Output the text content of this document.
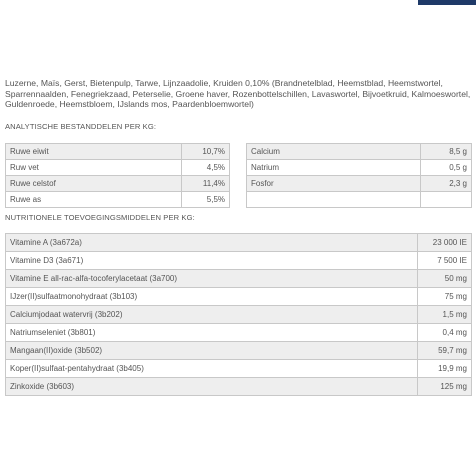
Luzerne, Maïs, Gerst, Bietenpulp, Tarwe, Lijnzaadolie, Kruiden 0,10% (Brandnetelblad, Heemstblad, Heemstwortel, Sparrennaalden, Fenegriekzaad, Peterselie, Groene haver, Rozenbottelschillen, Lavaswortel, Bijvoetkruid, Kalmoeswortel, Guldenroede, Heemstbloem, IJslands mos, Paardenbloemwortel)

ANALYTISCHE BESTANDDELEN PER KG:

Ruwe eiwit	10,7%
Ruw vet	4,5%
Ruwe celstof	11,4%
Ruwe as	5,5%
Calcium	8,5 g
Natrium	0,5 g
Fosfor	2,3 g

NUTRITIONELE TOEVOEGINGSMIDDELEN PER KG:

Vitamine A (3a672a)	23 000 IE
Vitamine D3 (3a671)	7 500 IE
Vitamine E all-rac-alfa-tocoferylacetaat (3a700)	50 mg
IJzer(II)sulfaatmonohydraat (3b103)	75 mg
Calciumjodaat watervrij (3b202)	1,5 mg
Natriumseleniet (3b801)	0,4 mg
Mangaan(II)oxide (3b502)	59,7 mg
Koper(II)sulfaat-pentahydraat (3b405)	19,9 mg
Zinkoxide (3b603)	125 mg
